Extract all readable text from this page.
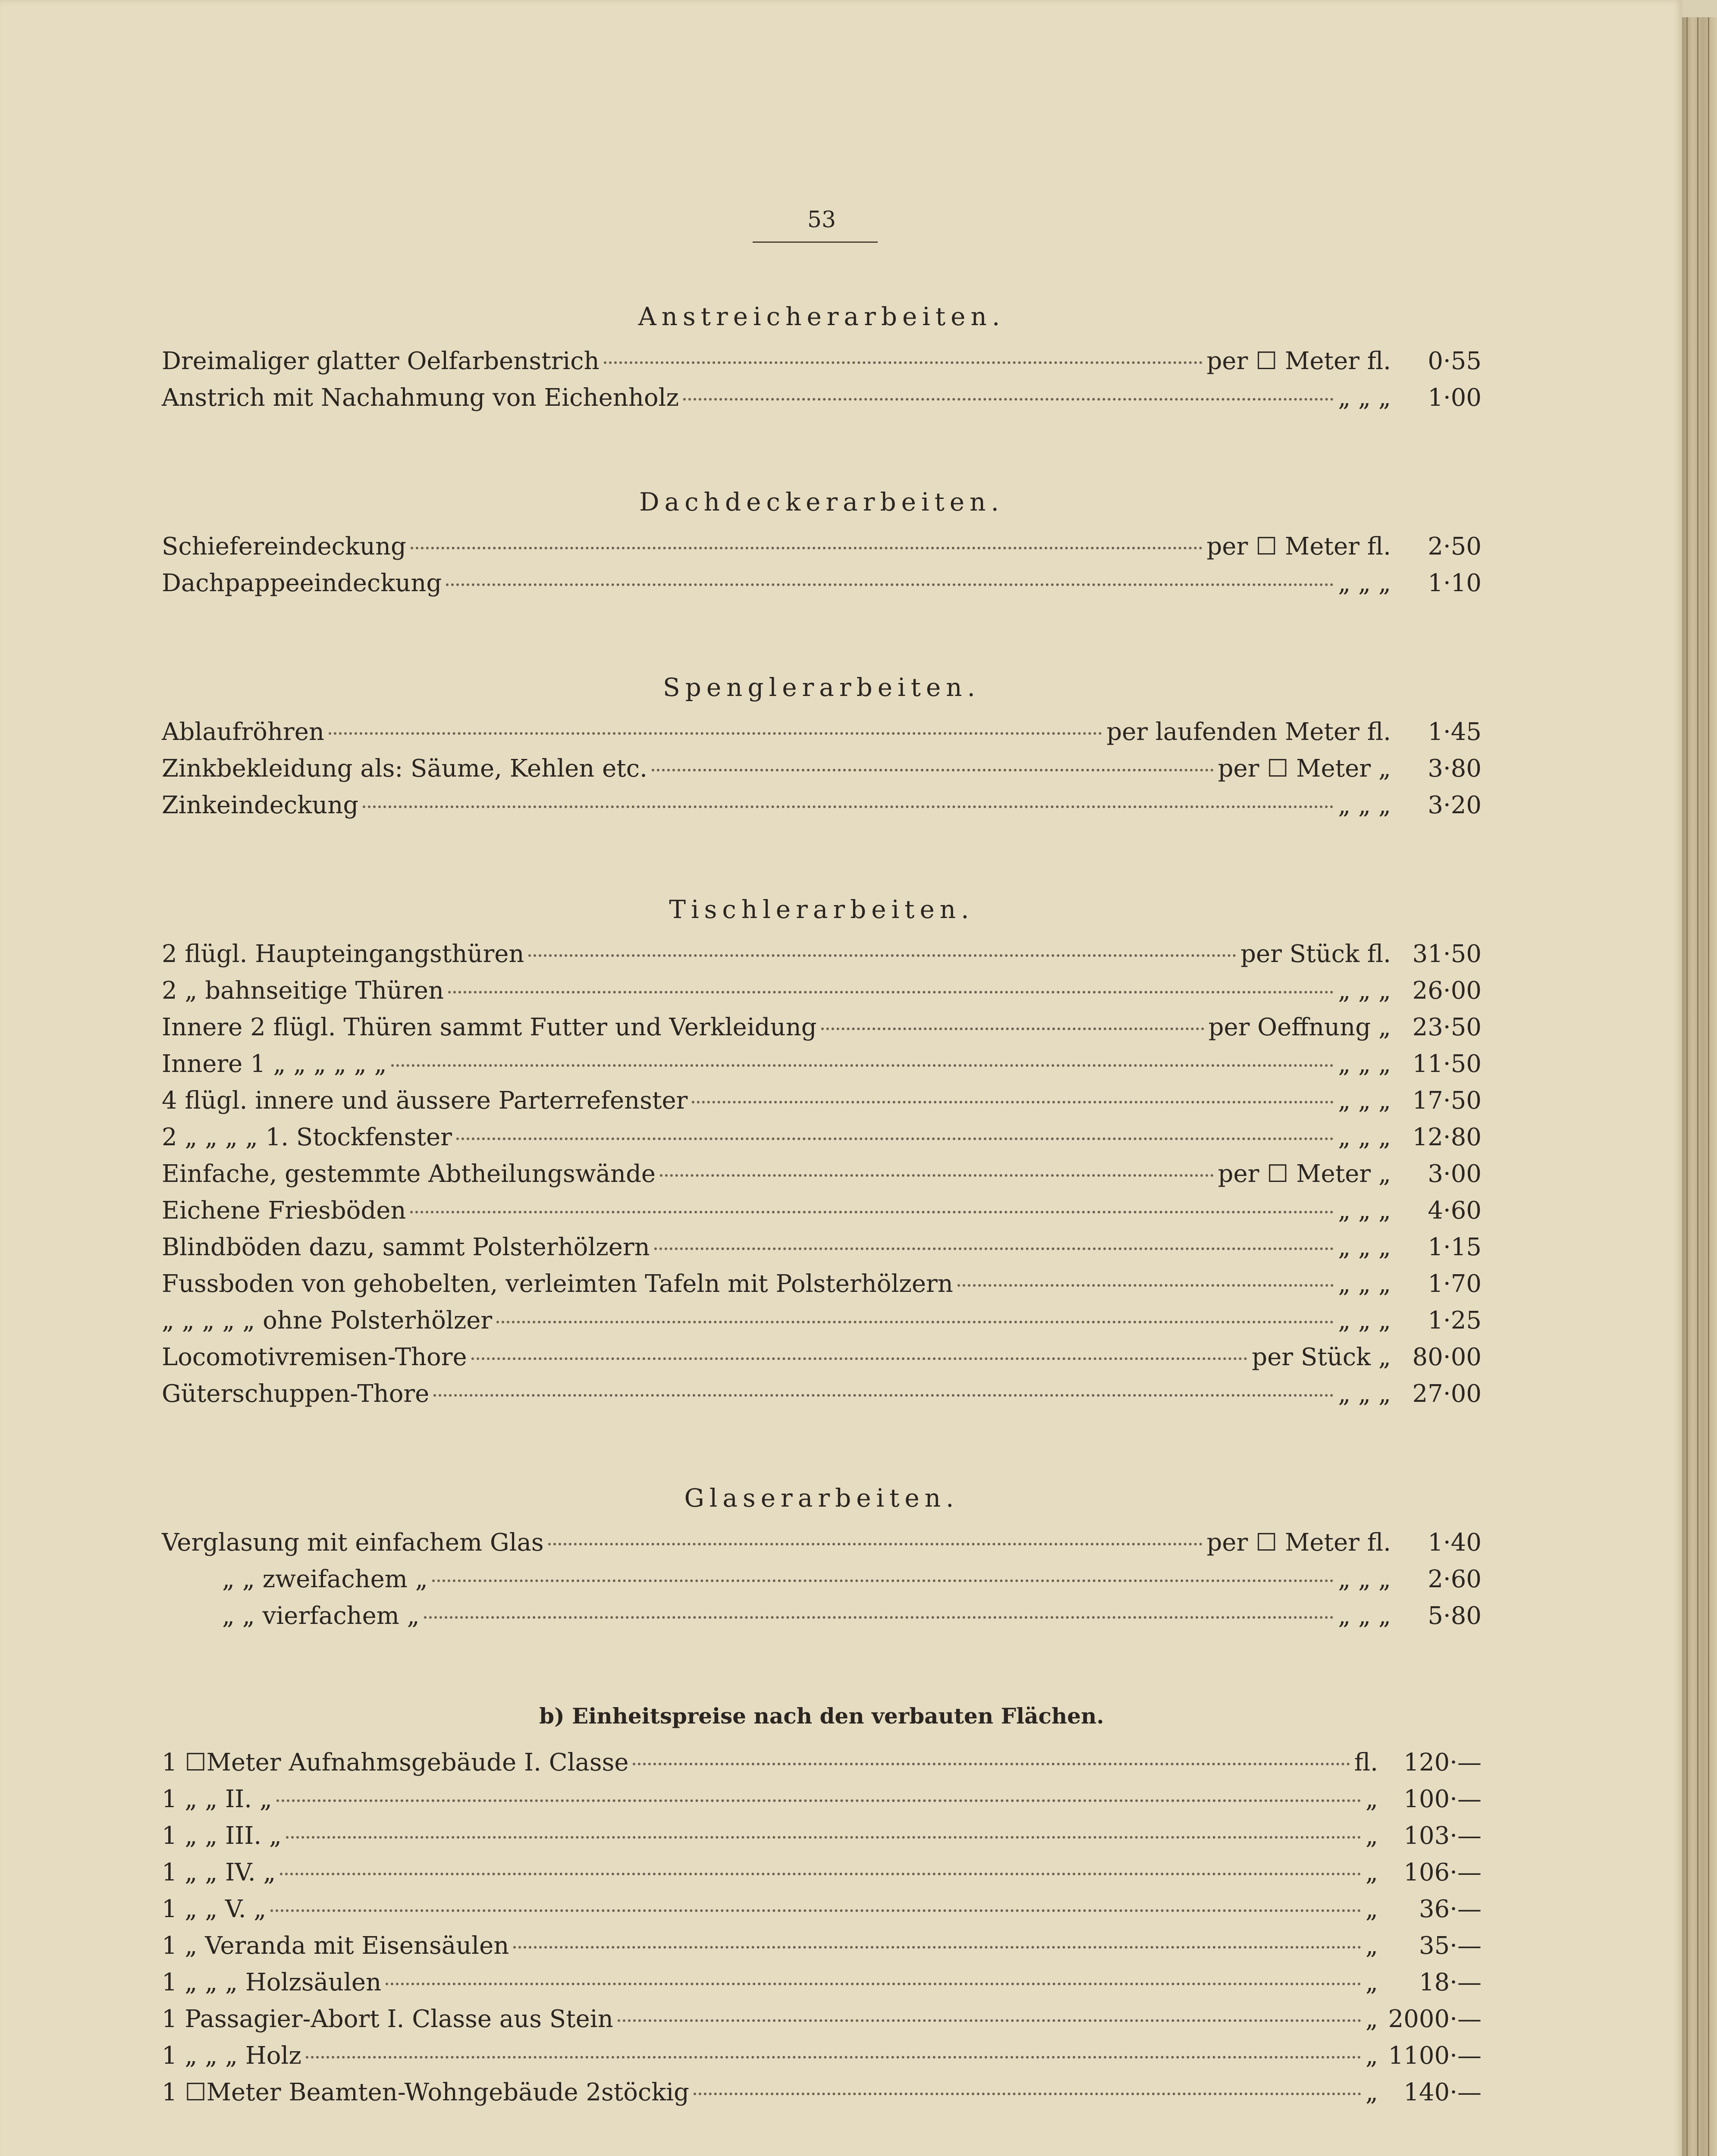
53
Anstreicherarbeiten.
Dreimaliger glatter Oelfarbenstrich	per ☐ Meter fl.	0·55
Anstrich mit Nachahmung von Eichenholz	„ „ „	1·00
Dachdeckerarbeiten.
Schiefereindeckung	per ☐ Meter fl.	2·50
Dachpappeeindeckung	„ „ „	1·10
Spenglerarbeiten.
Ablaufröhren	per laufenden Meter fl.	1·45
Zinkbekleidung als: Säume, Kehlen etc.	per ☐ Meter „	3·80
Zinkeindeckung	„ „ „	3·20
Tischlerarbeiten.
2 flügl. Haupteingangsthüren	per Stück fl. 31·50
2 „ bahnseitige Thüren	„ „ „ 26·00
Innere 2 flügl. Thüren sammt Futter und Verkleidung	per Oeffnung „ 23·50
Innere 1 „ „ „ „ „ „	„ „ „ 11·50
4 flügl. innere und äussere Parterrefenster	„ „ „ 17·50
2 „ „ „ „ 1. Stockfenster	„ „ „ 12·80
Einfache, gestemmte Abtheilungswände	per ☐ Meter „	3·00
Eichene Friesböden	„ „ „	4·60
Blindböden dazu, sammt Polsterhölzern	„ „ „	1·15
Fussboden von gehobelten, verleimten Tafeln mit Polsterhölzern	„ „ „	1·70
„ „ „ „ „ ohne Polsterhölzer	„ „ „	1·25
Locomotivremisen-Thore	per Stück „ 80·00
Güterschuppen-Thore	„ „ „ 27·00
Glaserarbeiten.
Verglasung mit einfachem Glas	per ☐ Meter fl.	1·40
„ „ zweifachem „	„ „ „	2·60
„ „ vierfachem „	„ „ „	5·80
b) Einheitspreise nach den verbauten Flächen.
1 ☐Meter Aufnahmsgebäude I. Classe	fl.	120·—
1 „ „ II. „	„	100·—
1 „ „ III. „	„	103·—
1 „ „ IV. „	„	106·—
1 „ „ V. „	„	36·—
1 „ Veranda mit Eisensäulen	„	35·—
1 „ „ „ Holzsäulen	„	18·—
1 Passagier-Abort I. Classe aus Stein	„ 2000·—
1 „ „ „ Holz	„ 1100·—
1 ☐Meter Beamten-Wohngebäude 2stöckig	„	140·—
